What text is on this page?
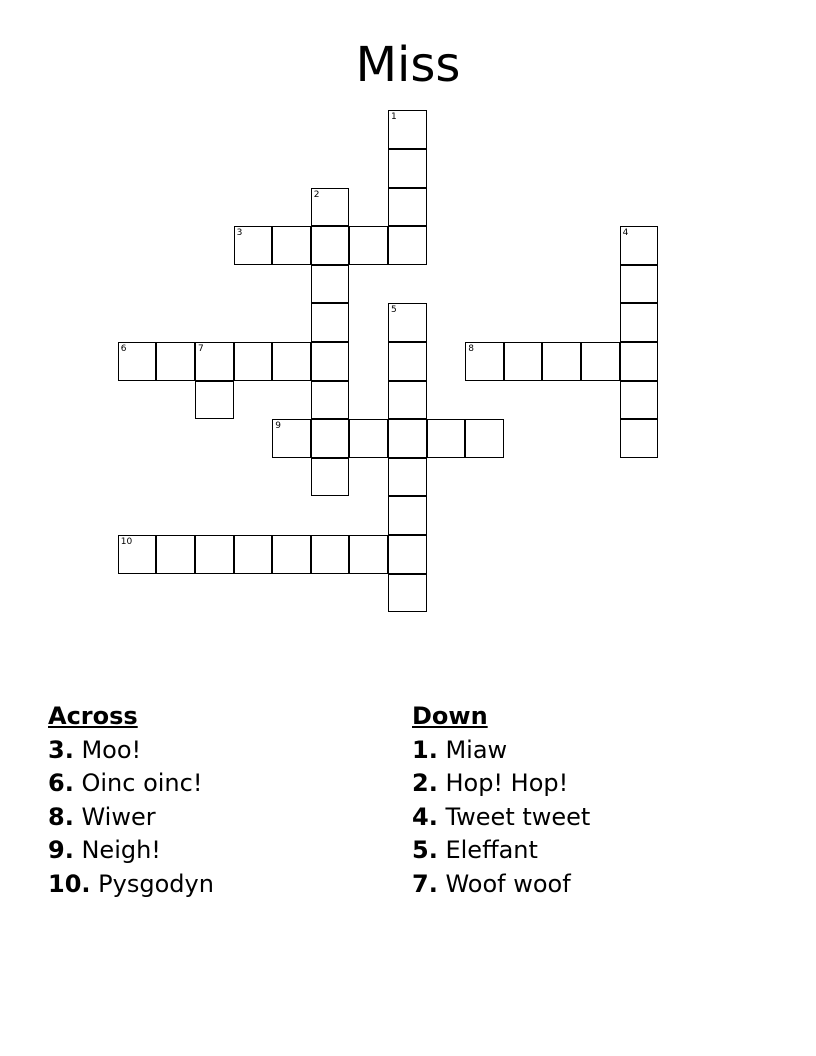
Miss
1
2
3	4
5
6	7	8
9
10
Across
3. Moo!
6. Oinc oinc!
8. Wiwer
9. Neigh!
10. Pysgodyn
Down
1. Miaw
2. Hop! Hop!
4. Tweet tweet
5. Eleffant
7. Woof woof
